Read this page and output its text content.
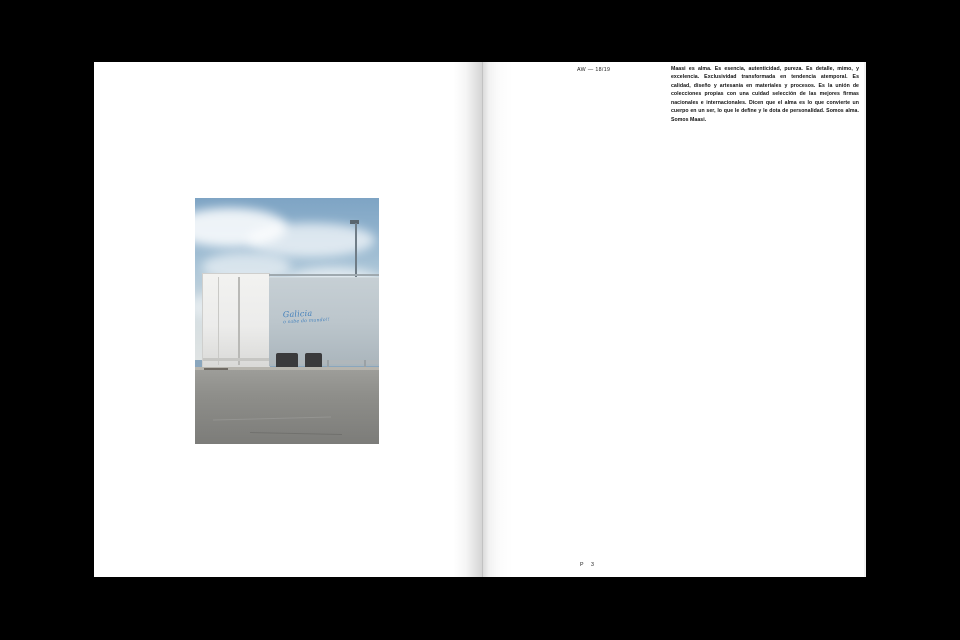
Galicia
o sabe do mundo!!
AW — 18/19	Maasi es alma. Es esencia, autenticidad, pureza. Es detalle, mimo, y excelencia. Exclusividad transformada en tendencia atemporal. Es calidad, diseño y artesanía en materiales y procesos. Es la unión de colecciones propias con una cuidad selección de las mejores firmas nacionales e internacionales. Dicen que el alma es lo que convierte un cuerpo en un ser, lo que le define y le dota de personalidad. Somos alma. Somos Maasi.
P 3
